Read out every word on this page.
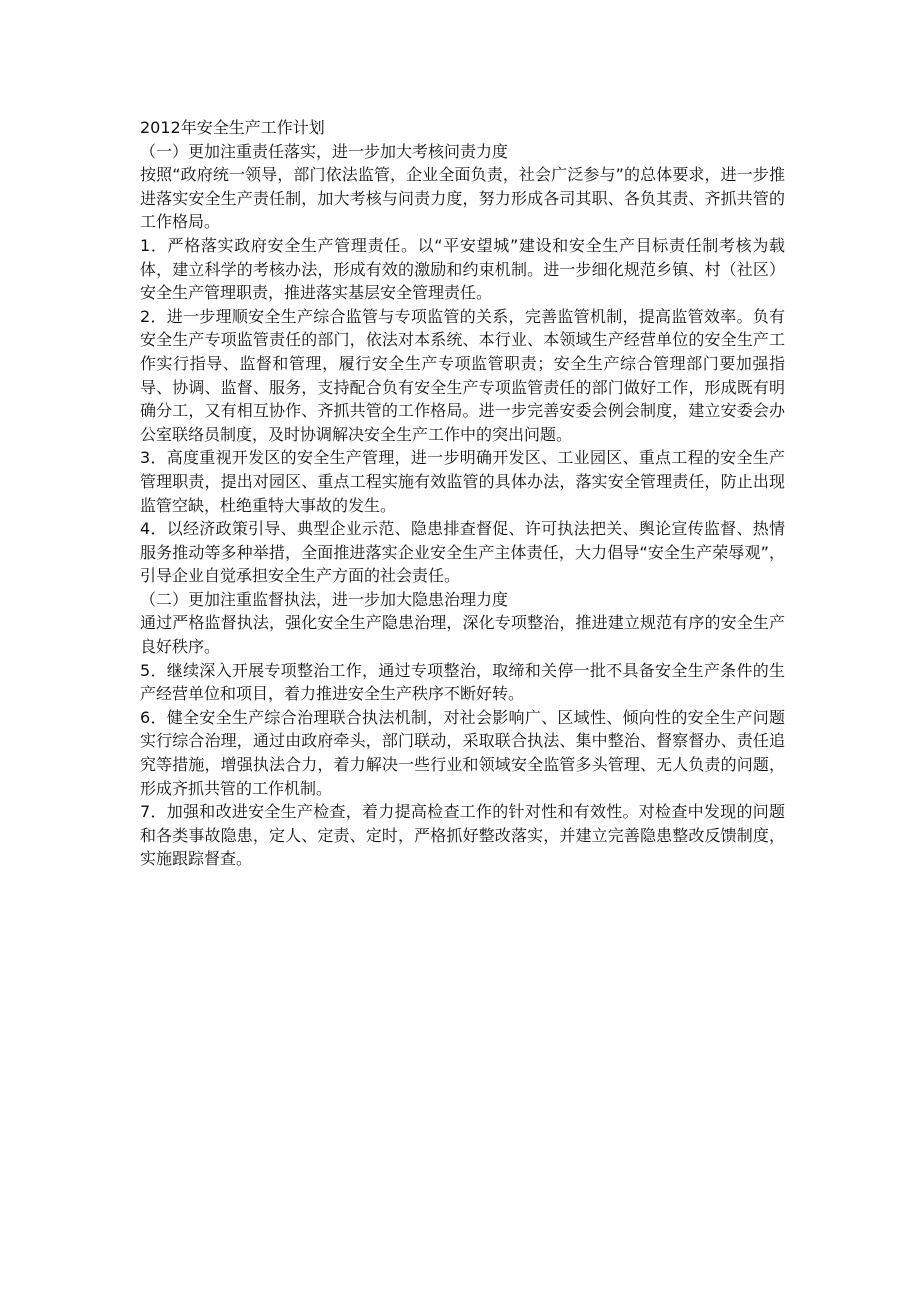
2012年安全生产工作计划

（一）更加注重责任落实，进一步加大考核问责力度

按照“政府统一领导，部门依法监管，企业全面负责，社会广泛参与”的总体要求，进一步推进落实安全生产责任制，加大考核与问责力度，努力形成各司其职、各负其责、齐抓共管的工作格局。

1．严格落实政府安全生产管理责任。以“平安望城”建设和安全生产目标责任制考核为载体，建立科学的考核办法，形成有效的激励和约束机制。进一步细化规范乡镇、村（社区）安全生产管理职责，推进落实基层安全管理责任。

2．进一步理顺安全生产综合监管与专项监管的关系，完善监管机制，提高监管效率。负有安全生产专项监管责任的部门，依法对本系统、本行业、本领域生产经营单位的安全生产工作实行指导、监督和管理，履行安全生产专项监管职责；安全生产综合管理部门要加强指导、协调、监督、服务，支持配合负有安全生产专项监管责任的部门做好工作，形成既有明确分工，又有相互协作、齐抓共管的工作格局。进一步完善安委会例会制度，建立安委会办公室联络员制度，及时协调解决安全生产工作中的突出问题。

3．高度重视开发区的安全生产管理，进一步明确开发区、工业园区、重点工程的安全生产管理职责，提出对园区、重点工程实施有效监管的具体办法，落实安全管理责任，防止出现监管空缺，杜绝重特大事故的发生。

4．以经济政策引导、典型企业示范、隐患排查督促、许可执法把关、舆论宣传监督、热情服务推动等多种举措，全面推进落实企业安全生产主体责任，大力倡导“安全生产荣辱观”，引导企业自觉承担安全生产方面的社会责任。

（二）更加注重监督执法，进一步加大隐患治理力度

通过严格监督执法，强化安全生产隐患治理，深化专项整治，推进建立规范有序的安全生产良好秩序。

5．继续深入开展专项整治工作，通过专项整治，取缔和关停一批不具备安全生产条件的生产经营单位和项目，着力推进安全生产秩序不断好转。

6．健全安全生产综合治理联合执法机制，对社会影响广、区域性、倾向性的安全生产问题实行综合治理，通过由政府牵头，部门联动，采取联合执法、集中整治、督察督办、责任追究等措施，增强执法合力，着力解决一些行业和领域安全监管多头管理、无人负责的问题，形成齐抓共管的工作机制。

7．加强和改进安全生产检查，着力提高检查工作的针对性和有效性。对检查中发现的问题和各类事故隐患，定人、定责、定时，严格抓好整改落实，并建立完善隐患整改反馈制度，实施跟踪督查。
